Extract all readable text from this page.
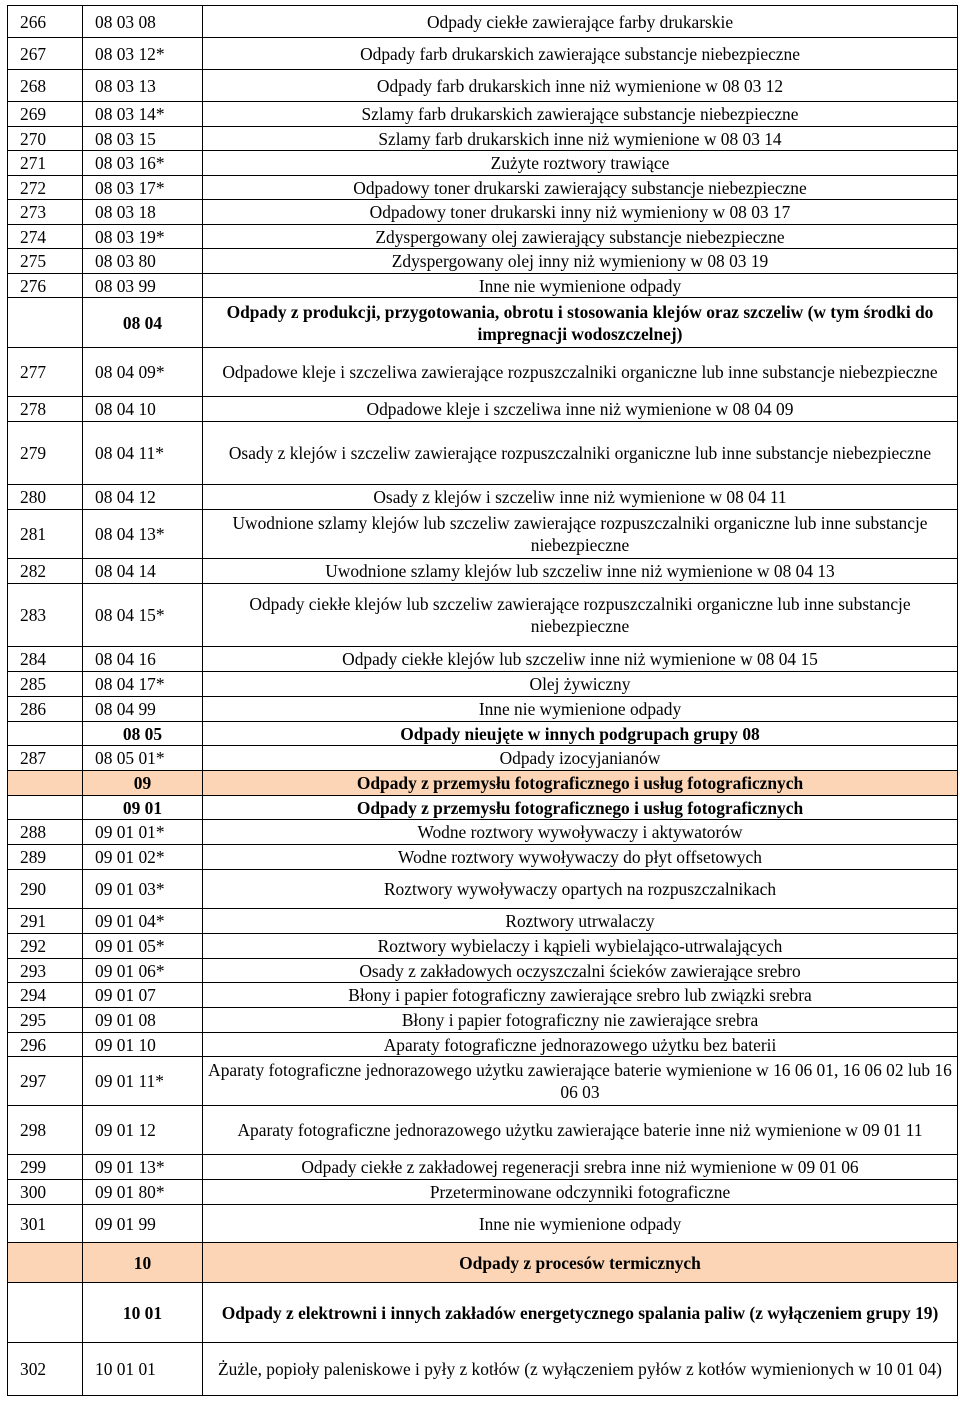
266	08 03 08	Odpady ciekłe zawierające farby drukarskie
267	08 03 12*	Odpady farb drukarskich zawierające substancje niebezpieczne
268	08 03 13	Odpady farb drukarskich inne niż wymienione w 08 03 12
269	08 03 14*	Szlamy farb drukarskich zawierające substancje niebezpieczne
270	08 03 15	Szlamy farb drukarskich inne niż wymienione w 08 03 14
271	08 03 16*	Zużyte roztwory trawiące
272	08 03 17*	Odpadowy toner drukarski zawierający substancje niebezpieczne
273	08 03 18	Odpadowy toner drukarski inny niż wymieniony w 08 03 17
274	08 03 19*	Zdyspergowany olej zawierający substancje niebezpieczne
275	08 03 80	Zdyspergowany olej inny niż wymieniony w 08 03 19
276	08 03 99	Inne nie wymienione odpady
	08 04	Odpady z produkcji, przygotowania, obrotu i stosowania klejów oraz szczeliw (w tym środki do impregnacji wodoszczelnej)
277	08 04 09*	Odpadowe kleje i szczeliwa zawierające rozpuszczalniki organiczne lub inne substancje niebezpieczne
278	08 04 10	Odpadowe kleje i szczeliwa inne niż wymienione w 08 04 09
279	08 04 11*	Osady z klejów i szczeliw zawierające rozpuszczalniki organiczne lub inne substancje niebezpieczne
280	08 04 12	Osady z klejów i szczeliw inne niż wymienione w 08 04 11
281	08 04 13*	Uwodnione szlamy klejów lub szczeliw zawierające rozpuszczalniki organiczne lub inne substancje niebezpieczne
282	08 04 14	Uwodnione szlamy klejów lub szczeliw inne niż wymienione w 08 04 13
283	08 04 15*	Odpady ciekłe klejów lub szczeliw zawierające rozpuszczalniki organiczne lub inne substancje niebezpieczne
284	08 04 16	Odpady ciekłe klejów lub szczeliw inne niż wymienione w 08 04 15
285	08 04 17*	Olej żywiczny
286	08 04 99	Inne nie wymienione odpady
	08 05	Odpady nieujęte w innych podgrupach grupy 08
287	08 05 01*	Odpady izocyjanianów
	09	Odpady z przemysłu fotograficznego i usług fotograficznych
	09 01	Odpady z przemysłu fotograficznego i usług fotograficznych
288	09 01 01*	Wodne roztwory wywoływaczy i aktywatorów
289	09 01 02*	Wodne roztwory wywoływaczy do płyt offsetowych
290	09 01 03*	Roztwory wywoływaczy opartych na rozpuszczalnikach
291	09 01 04*	Roztwory utrwalaczy
292	09 01 05*	Roztwory wybielaczy i kąpieli wybielająco-utrwalających
293	09 01 06*	Osady z zakładowych oczyszczalni ścieków zawierające srebro
294	09 01 07	Błony i papier fotograficzny zawierające srebro lub związki srebra
295	09 01 08	Błony i papier fotograficzny nie zawierające srebra
296	09 01 10	Aparaty fotograficzne jednorazowego użytku bez baterii
297	09 01 11*	Aparaty fotograficzne jednorazowego użytku zawierające baterie wymienione w 16 06 01, 16 06 02 lub 16 06 03
298	09 01 12	Aparaty fotograficzne jednorazowego użytku zawierające baterie inne niż wymienione w 09 01 11
299	09 01 13*	Odpady ciekłe z zakładowej regeneracji srebra inne niż wymienione w 09 01 06
300	09 01 80*	Przeterminowane odczynniki fotograficzne
301	09 01 99	Inne nie wymienione odpady
	10	Odpady z procesów termicznych
	10 01	Odpady z elektrowni i innych zakładów energetycznego spalania paliw (z wyłączeniem grupy 19)
302	10 01 01	Żużle, popioły paleniskowe i pyły z kotłów (z wyłączeniem pyłów z kotłów wymienionych w 10 01 04)
